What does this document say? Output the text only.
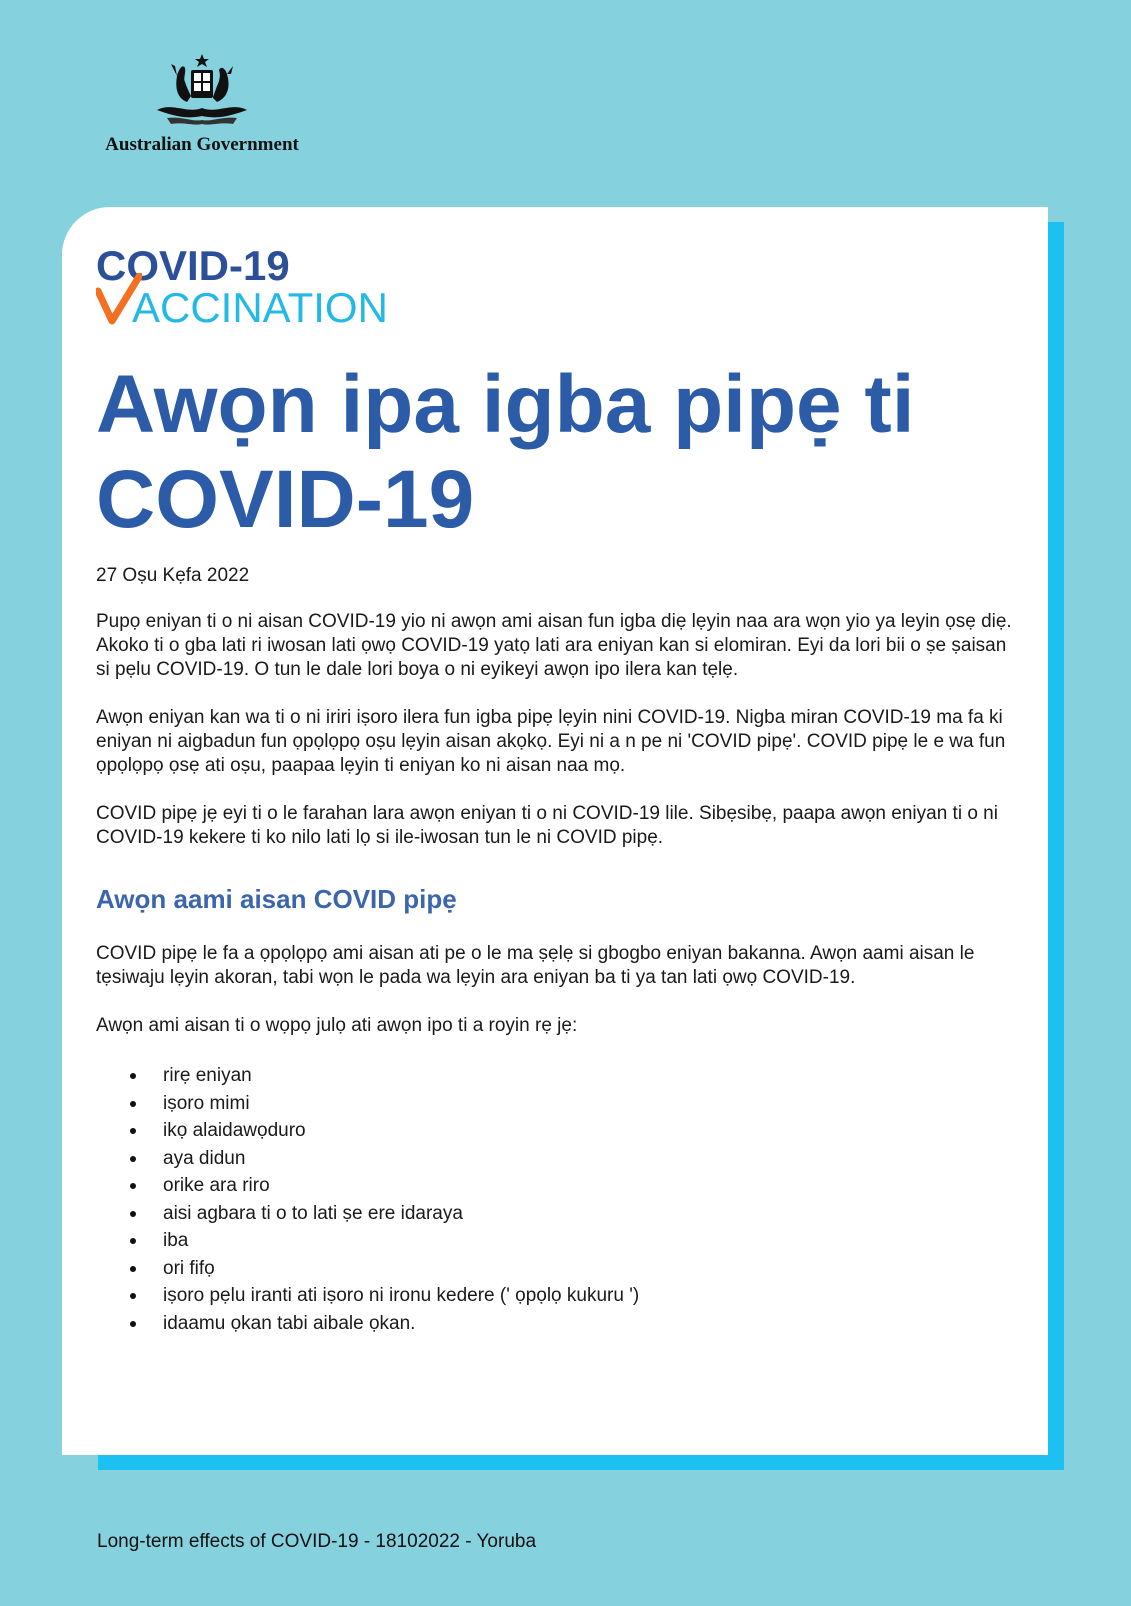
Australian Government
COVID-19
ACCINATION
Awọn ipa igba pipẹ ti COVID-19

27 Oṣu Kẹfa 2022

Pupọ eniyan ti o ni aisan COVID-19 yio ni awọn ami aisan fun igba diẹ lẹyin naa ara wọn yio ya leyin ọsẹ diẹ. Akoko ti o gba lati ri iwosan lati ọwọ COVID-19 yatọ lati ara eniyan kan si elomiran. Eyi da lori bii o ṣe ṣaisan si pẹlu COVID-19. O tun le dale lori boya o ni eyikeyi awọn ipo ilera kan tẹlẹ.

Awọn eniyan kan wa ti o ni iriri iṣoro ilera fun igba pipẹ lẹyin nini COVID-19. Nigba miran COVID-19 ma fa ki eniyan ni aigbadun fun ọpọlọpọ oṣu lẹyin aisan akọkọ. Eyi ni a n pe ni 'COVID pipẹ'. COVID pipẹ le e wa fun ọpọlọpọ ọsẹ ati oṣu, paapaa lẹyin ti eniyan ko ni aisan naa mọ.

COVID pipẹ jẹ eyi ti o le farahan lara awọn eniyan ti o ni COVID-19 lile. Sibẹsibẹ, paapa awọn eniyan ti o ni COVID-19 kekere ti ko nilo lati lọ si ile-iwosan tun le ni COVID pipẹ.

Awọn aami aisan COVID pipẹ

COVID pipẹ le fa a ọpọlọpọ ami aisan ati pe o le ma ṣẹlẹ si gbogbo eniyan bakanna. Awọn aami aisan le tẹsiwaju lẹyin akoran, tabi wọn le pada wa lẹyin ara eniyan ba ti ya tan lati ọwọ COVID-19.

Awọn ami aisan ti o wọpọ julọ ati awọn ipo ti a royin rẹ jẹ:

rirẹ eniyan
iṣoro mimi
ikọ alaidawọduro
aya didun
orike ara riro
aisi agbara ti o to lati ṣe ere idaraya
iba
ori fifọ
iṣoro pẹlu iranti ati iṣoro ni ironu kedere (' ọpọlọ kukuru ')
idaamu ọkan tabi aibale ọkan.
Long-term effects of COVID-19 - 18102022 - Yoruba
